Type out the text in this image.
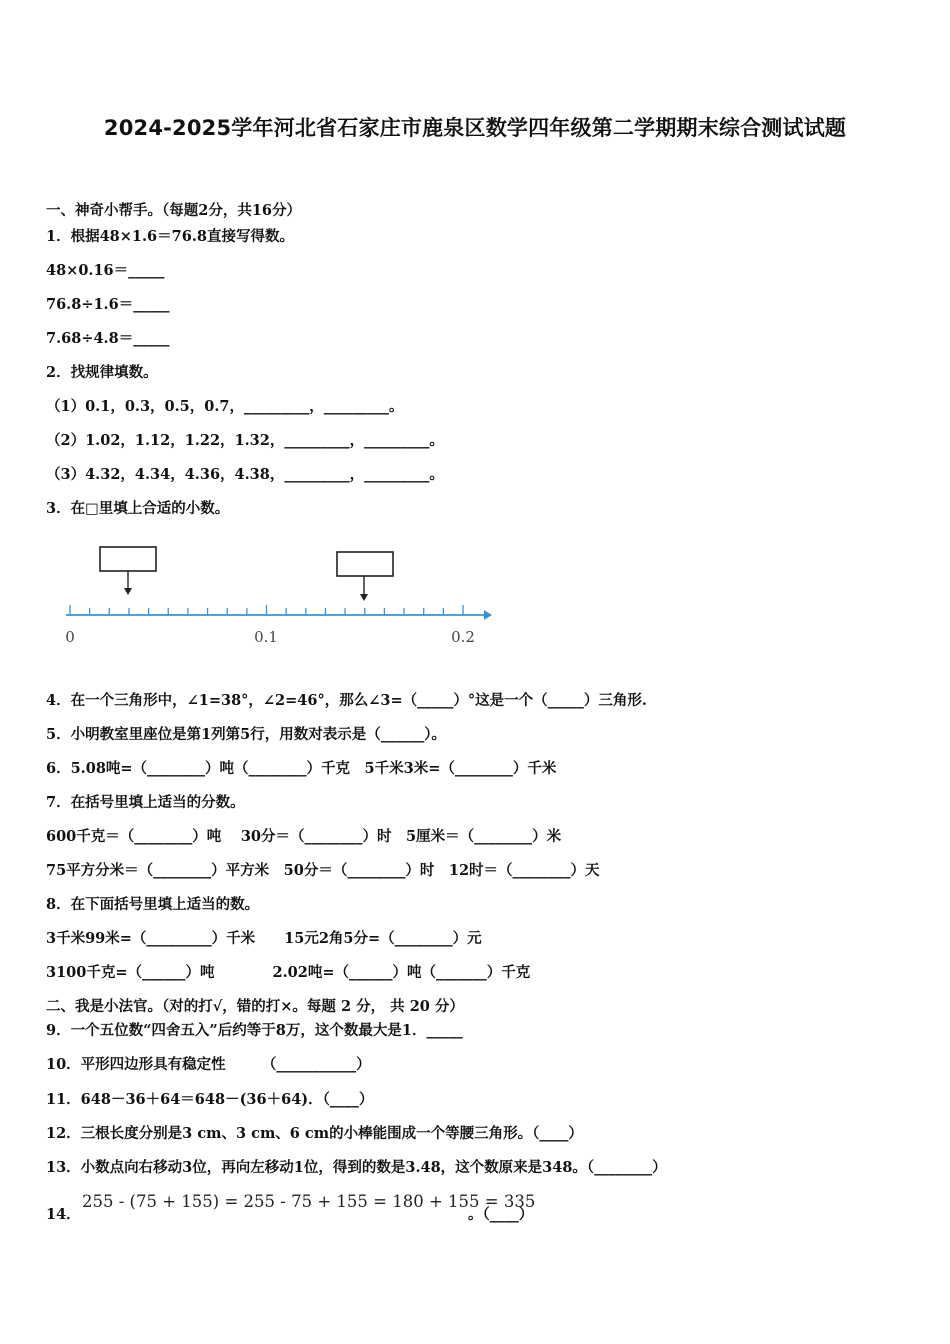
2024-2025学年河北省石家庄市鹿泉区数学四年级第二学期期末综合测试试题
一、神奇小帮手。（每题2分，共16分）
1．根据48×1.6＝76.8直接写得数。
48×0.16＝_____
76.8÷1.6＝_____
7.68÷4.8＝_____
2．找规律填数。
（1）0.1，0.3，0.5，0.7，_________，_________。
（2）1.02，1.12，1.22，1.32，_________，_________。
（3）4.32，4.34，4.36，4.38，_________，_________。
3．在□里填上合适的小数。
0	0.1	0.2
4．在一个三角形中，∠1=38°，∠2=46°，那么∠3=（_____）°这是一个（_____）三角形.
5．小明教室里座位是第1列第5行，用数对表示是（______）。
6．5.08吨=（________）吨（________）千克　5千米3米=（________）千米
7．在括号里填上适当的分数。
600千克＝（________）吨　 30分＝（________）时　5厘米＝（________）米
75平方分米＝（________）平方米　50分＝（________）时　12时＝（________）天
8．在下面括号里填上适当的数。
3千米99米=（_________）千米　　15元2角5分=（________）元
3100千克=（______）吨　　　　2.02吨=（______）吨（_______）千克
二、我是小法官。（对的打√，错的打×。每题 2 分， 共 20 分）
9．一个五位数“四舍五入”后约等于8万，这个数最大是1．_____
10．平形四边形具有稳定性　　　（___________）
11．648－36＋64＝648－(36＋64)．（____）
12．三根长度分别是3 cm、3 cm、6 cm的小棒能围成一个等腰三角形。（____）
13．小数点向右移动3位，再向左移动1位，得到的数是3.48，这个数原来是348。（________）
14．
255 - (75 + 155) = 255 - 75 + 155 = 180 + 155 = 335
。（____）
